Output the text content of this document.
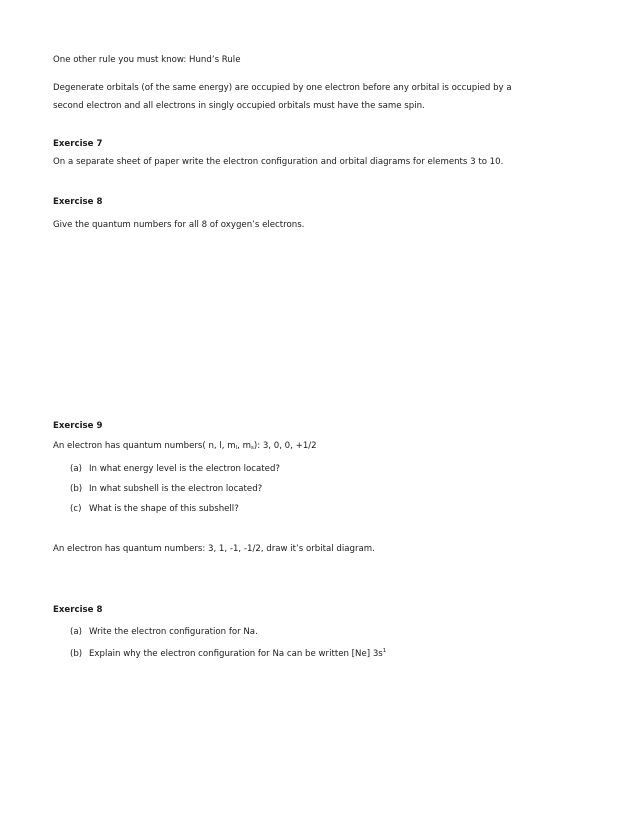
One other rule you must know: Hund’s Rule
Degenerate orbitals (of the same energy) are occupied by one electron before any orbital is occupied by a
second electron and all electrons in singly occupied orbitals must have the same spin.
Exercise 7
On a separate sheet of paper write the electron configuration and orbital diagrams for elements 3 to 10.
Exercise 8
Give the quantum numbers for all 8 of oxygen’s electrons.
Exercise 9
An electron has quantum numbers( n, l, ml, ms): 3, 0, 0, +1/2
(a) In what energy level is the electron located?
(b) In what subshell is the electron located?
(c) What is the shape of this subshell?
An electron has quantum numbers: 3, 1, -1, -1/2, draw it’s orbital diagram.
Exercise 8
(a) Write the electron configuration for Na.
(b) Explain why the electron configuration for Na can be written [Ne] $3s^1$
